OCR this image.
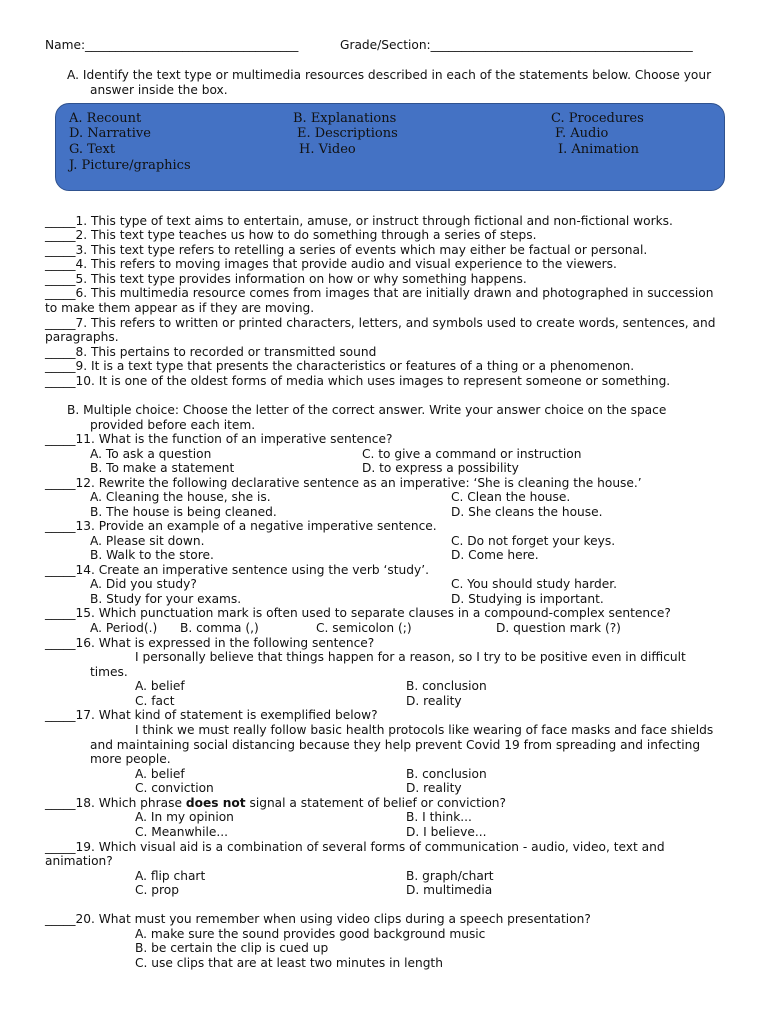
Name:___________________________________	Grade/Section:___________________________________________
A. Identify the text type or multimedia resources described in each of the statements below. Choose your
answer inside the box.
A. Recount	B. Explanations	C. Procedures
D. Narrative	E. Descriptions	F. Audio
G. Text	H. Video	I. Animation
J. Picture/graphics
_____1. This type of text aims to entertain, amuse, or instruct through fictional and non-fictional works.
_____2. This text type teaches us how to do something through a series of steps.
_____3. This text type refers to retelling a series of events which may either be factual or personal.
_____4. This refers to moving images that provide audio and visual experience to the viewers.
_____5. This text type provides information on how or why something happens.
_____6. This multimedia resource comes from images that are initially drawn and photographed in succession
to make them appear as if they are moving.
_____7. This refers to written or printed characters, letters, and symbols used to create words, sentences, and
paragraphs.
_____8. This pertains to recorded or transmitted sound
_____9. It is a text type that presents the characteristics or features of a thing or a phenomenon.
_____10. It is one of the oldest forms of media which uses images to represent someone or something.
B. Multiple choice: Choose the letter of the correct answer. Write your answer choice on the space
provided before each item.
_____11. What is the function of an imperative sentence?
A. To ask a question	C. to give a command or instruction
B. To make a statement	D. to express a possibility
_____12. Rewrite the following declarative sentence as an imperative: ‘She is cleaning the house.’
A. Cleaning the house, she is.	C. Clean the house.
B. The house is being cleaned.	D. She cleans the house.
_____13. Provide an example of a negative imperative sentence.
A. Please sit down.	C. Do not forget your keys.
B. Walk to the store.	D. Come here.
_____14. Create an imperative sentence using the verb ‘study’.
A. Did you study?	C. You should study harder.
B. Study for your exams.	D. Studying is important.
_____15. Which punctuation mark is often used to separate clauses in a compound-complex sentence?
A. Period(.) B. comma (,)	C. semicolon (;)	D. question mark (?)
_____16. What is expressed in the following sentence?
I personally believe that things happen for a reason, so I try to be positive even in difficult
times.
A. belief	B. conclusion
C. fact	D. reality
_____17. What kind of statement is exemplified below?
I think we must really follow basic health protocols like wearing of face masks and face shields
and maintaining social distancing because they help prevent Covid 19 from spreading and infecting
more people.
A. belief	B. conclusion
C. conviction	D. reality
_____18. Which phrase does not signal a statement of belief or conviction?
A. In my opinion	B. I think...
C. Meanwhile...	D. I believe...
_____19. Which visual aid is a combination of several forms of communication - audio, video, text and
animation?
A. flip chart	B. graph/chart
C. prop	D. multimedia
_____20. What must you remember when using video clips during a speech presentation?
A. make sure the sound provides good background music
B. be certain the clip is cued up
C. use clips that are at least two minutes in length
